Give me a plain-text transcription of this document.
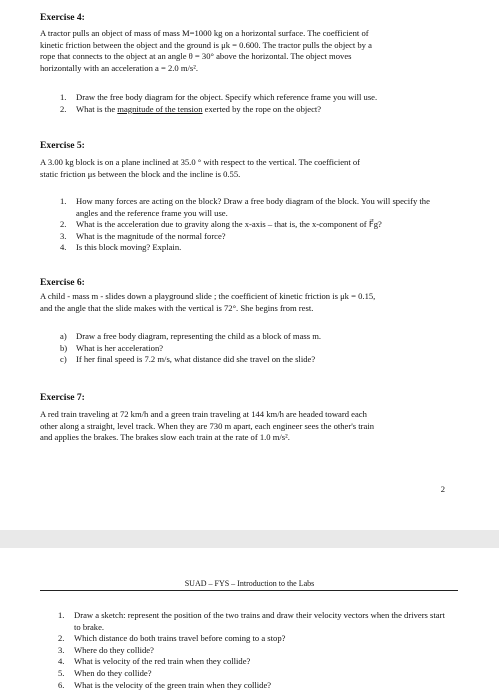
Exercise 4:
A tractor pulls an object of mass of mass M=1000 kg on a horizontal surface. The coefficient of
kinetic friction between the object and the ground is μk = 0.600. The tractor pulls the object by a
rope that connects to the object at an angle θ = 30° above the horizontal. The object moves
horizontally with an acceleration a = 2.0 m/s².
1. Draw the free body diagram for the object. Specify which reference frame you will use.
2. What is the magnitude of the tension exerted by the rope on the object?
Exercise 5:
A 3.00 kg block is on a plane inclined at 35.0 ° with respect to the vertical. The coefficient of
static friction μs between the block and the incline is 0.55.
1. How many forces are acting on the block? Draw a free body diagram of the block. You will specify the angles and the reference frame you will use.
2. What is the acceleration due to gravity along the x-axis – that is, the x-component of F⃗g?
3. What is the magnitude of the normal force?
4. Is this block moving? Explain.
Exercise 6:
A child - mass m - slides down a playground slide ; the coefficient of kinetic friction is μk = 0.15,
and the angle that the slide makes with the vertical is 72°. She begins from rest.
a) Draw a free body diagram, representing the child as a block of mass m.
b) What is her acceleration?
c) If her final speed is 7.2 m/s, what distance did she travel on the slide?
Exercise 7:
A red train traveling at 72 km/h and a green train traveling at 144 km/h are headed toward each
other along a straight, level track. When they are 730 m apart, each engineer sees the other's train
and applies the brakes. The brakes slow each train at the rate of 1.0 m/s².
2
SUAD – FYS – Introduction to the Labs
1. Draw a sketch: represent the position of the two trains and draw their velocity vectors when the drivers start to brake.
2. Which distance do both trains travel before coming to a stop?
3. Where do they collide?
4. What is velocity of the red train when they collide?
5. When do they collide?
6. What is the velocity of the green train when they collide?
